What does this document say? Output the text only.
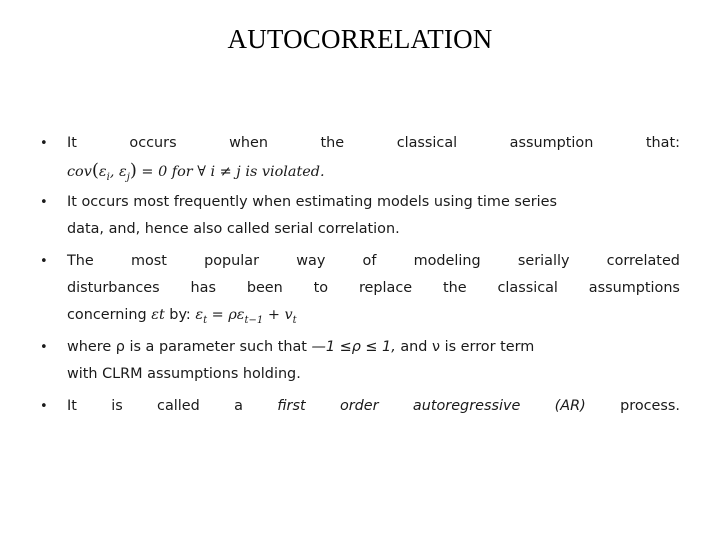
AUTOCORRELATION
• It	occurs	when	the	classical	assumption	that:
$cov(\varepsilon_i$, $\varepsilon_j) = 0$ for ∀ i ≠ j is violated.
• It occurs most frequently when estimating models using time series
data, and, hence also called serial correlation.
• The	most	popular	way	of	modeling	serially	correlated
disturbances has been to replace the classical assumptions
concerning εt by: $\varepsilon_t = \rho\varepsilon_{t-1} + v_t$
• where ρ is a parameter such that —1 ≤ρ ≤ 1, and ν is error term
with CLRM assumptions holding.
• It is called a first order autoregressive (AR) process.
